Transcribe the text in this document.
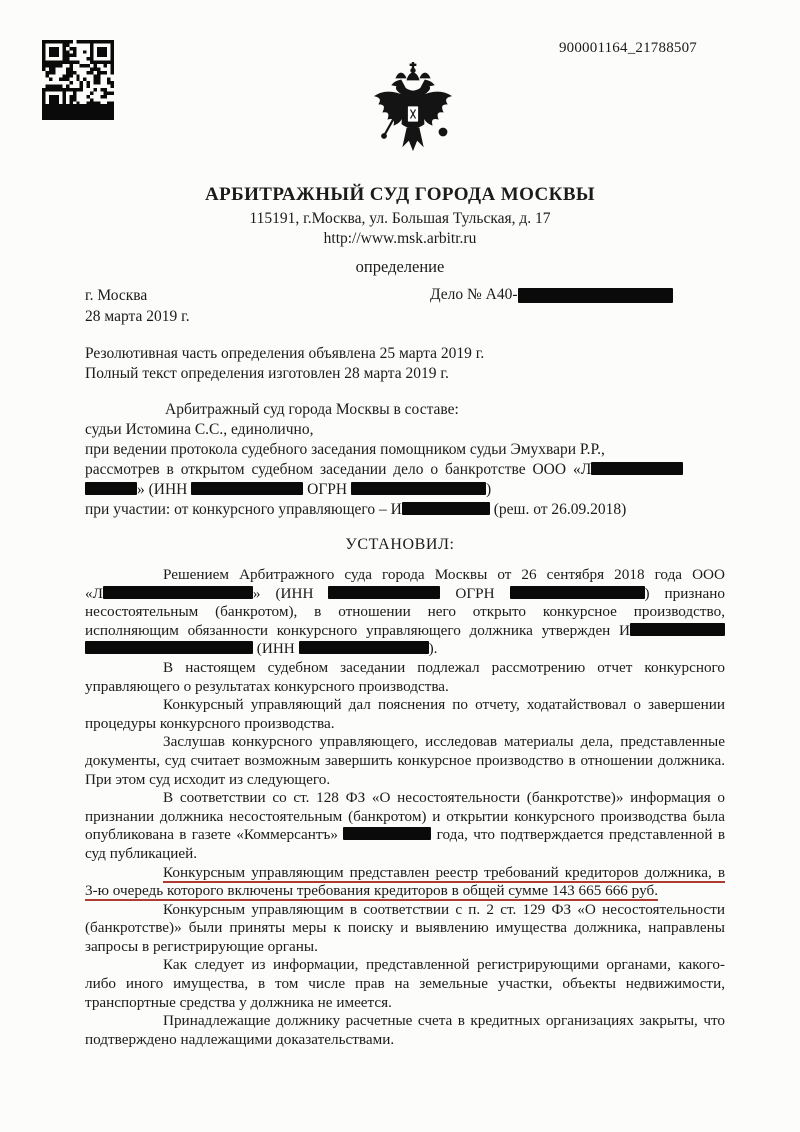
900001164_21788507
АРБИТРАЖНЫЙ СУД ГОРОДА МОСКВЫ
115191, г.Москва, ул. Большая Тульская, д. 17
http://www.msk.arbitr.ru
определение
г. Москва	Дело № А40-
28 марта 2019 г.
Резолютивная часть определения объявлена 25 марта 2019 г.
Полный текст определения изготовлен 28 марта 2019 г.
Арбитражный суд города Москвы в составе:
судьи Истомина С.С., единолично,
при ведении протокола судебного заседания помощником судьи Эмухвари Р.Р.,
рассмотрев в открытом судебном заседании дело о банкротстве ООО «Л
» (ИНН	ОГРН	)
при участии: от конкурсного управляющего – И	(реш. от 26.09.2018)
УСТАНОВИЛ:

Решением Арбитражного суда города Москвы от 26 сентября 2018 года ООО «Л	» (ИНН	ОГРН	) признано несостоятельным (банкротом), в отношении него открыто конкурсное производство, исполняющим обязанности конкурсного управляющего должника утвержден И  (ИНН	).

В настоящем судебном заседании подлежал рассмотрению отчет конкурсного управляющего о результатах конкурсного производства.

Конкурсный управляющий дал пояснения по отчету, ходатайствовал о завершении процедуры конкурсного производства.

Заслушав конкурсного управляющего, исследовав материалы дела, представленные документы, суд считает возможным завершить конкурсное производство в отношении должника. При этом суд исходит из следующего.

В соответствии со ст. 128 ФЗ «О несостоятельности (банкротстве)» информация о признании должника несостоятельным (банкротом) и открытии конкурсного производства была опубликована в газете «Коммерсантъ»	года, что подтверждается представленной в суд публикацией.

Конкурсным управляющим представлен реестр требований кредиторов должника, в 3-ю очередь которого включены требования кредиторов в общей сумме 143 665 666 руб.

Конкурсным управляющим в соответствии с п. 2 ст. 129 ФЗ «О несостоятельности (банкротстве)» были приняты меры к поиску и выявлению имущества должника, направлены запросы в регистрирующие органы.

Как следует из информации, представленной регистрирующими органами, какого-либо иного имущества, в том числе прав на земельные участки, объекты недвижимости, транспортные средства у должника не имеется.

Принадлежащие должнику расчетные счета в кредитных организациях закрыты, что подтверждено надлежащими доказательствами.
